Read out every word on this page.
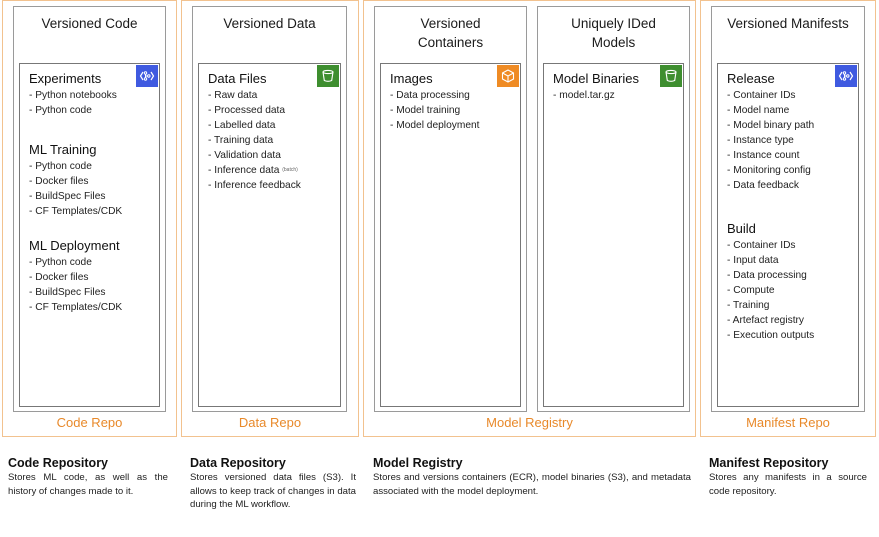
Versioned Code
Experiments
- Python notebooks
- Python code
ML Training
- Python code
- Docker files
- BuildSpec Files
- CF Templates/CDK
ML Deployment
- Python code
- Docker files
- BuildSpec Files
- CF Templates/CDK
Code Repo
Versioned Data
Data Files
- Raw data
- Processed data
- Labelled data
- Training data
- Validation data
- Inference data (batch)
- Inference feedback
Data Repo
Versioned Containers
Images
- Data processing
- Model training
- Model deployment
Uniquely IDed Models
Model Binaries
- model.tar.gz
Model Registry
Versioned Manifests
Release
- Container IDs
- Model name
- Model binary path
- Instance type
- Instance count
- Monitoring config
- Data feedback
Build
- Container IDs
- Input data
- Data processing
- Compute
- Training
- Artefact registry
- Execution outputs
Manifest Repo
Code Repository
Stores ML code, as well as the history of changes made to it.
Data Repository
Stores versioned data files (S3). It allows to keep track of changes in data during the ML workflow.
Model Registry
Stores and versions containers (ECR), model binaries (S3), and metadata associated with the model deployment.
Manifest Repository
Stores any manifests in a source code repository.
